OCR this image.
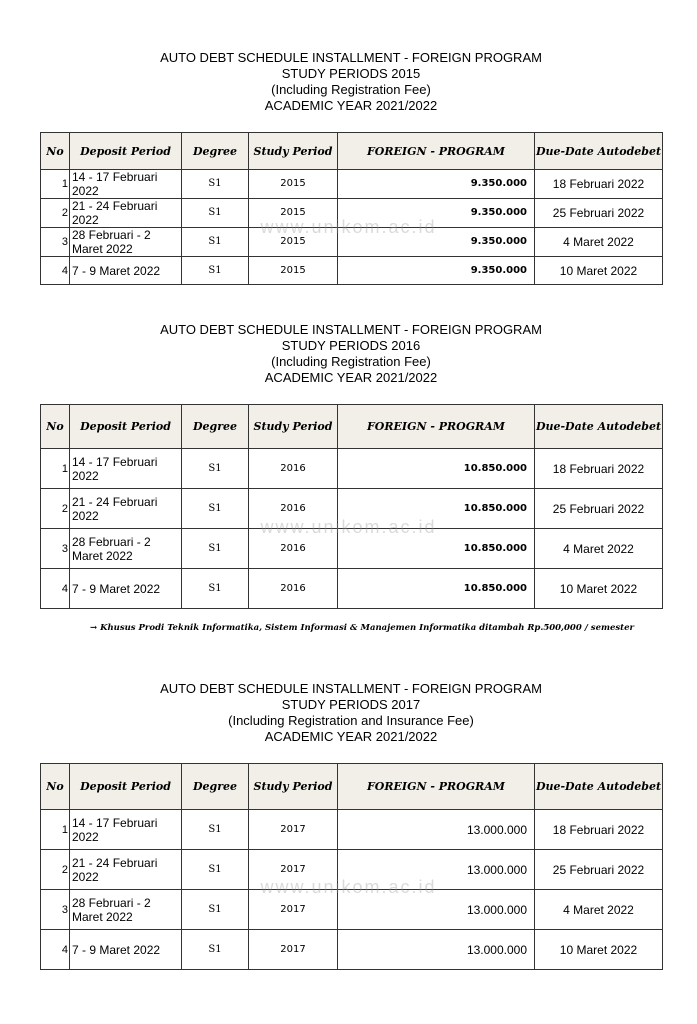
AUTO DEBT SCHEDULE INSTALLMENT - FOREIGN PROGRAM
STUDY PERIODS 2015
(Including Registration Fee)
ACADEMIC YEAR 2021/2022
No	Deposit Period	Degree	Study Period	FOREIGN - PROGRAM	Due-Date Autodebet
1	14 - 17 Februari 2022	S1	2015	9.350.000	18 Februari 2022
2	21 - 24 Februari 2022	S1	2015	9.350.000	25 Februari 2022
3	28 Februari - 2 Maret 2022	S1	2015	9.350.000	4 Maret 2022
4	7 - 9 Maret 2022	S1	2015	9.350.000	10 Maret 2022
AUTO DEBT SCHEDULE INSTALLMENT - FOREIGN PROGRAM
STUDY PERIODS 2016
(Including Registration Fee)
ACADEMIC YEAR 2021/2022
No	Deposit Period	Degree	Study Period	FOREIGN - PROGRAM	Due-Date Autodebet
1	14 - 17 Februari 2022	S1	2016	10.850.000	18 Februari 2022
2	21 - 24 Februari 2022	S1	2016	10.850.000	25 Februari 2022
3	28 Februari - 2 Maret 2022	S1	2016	10.850.000	4 Maret 2022
4	7 - 9 Maret 2022	S1	2016	10.850.000	10 Maret 2022
→ Khusus Prodi Teknik Informatika, Sistem Informasi & Manajemen Informatika ditambah Rp.500,000 / semester
AUTO DEBT SCHEDULE INSTALLMENT - FOREIGN PROGRAM
STUDY PERIODS 2017
(Including Registration and Insurance Fee)
ACADEMIC YEAR 2021/2022
No	Deposit Period	Degree	Study Period	FOREIGN - PROGRAM	Due-Date Autodebet
1	14 - 17 Februari 2022	S1	2017	13.000.000	18 Februari 2022
2	21 - 24 Februari 2022	S1	2017	13.000.000	25 Februari 2022
3	28 Februari - 2 Maret 2022	S1	2017	13.000.000	4 Maret 2022
4	7 - 9 Maret 2022	S1	2017	13.000.000	10 Maret 2022
www.unikom.ac.id
www.unikom.ac.id
www.unikom.ac.id
